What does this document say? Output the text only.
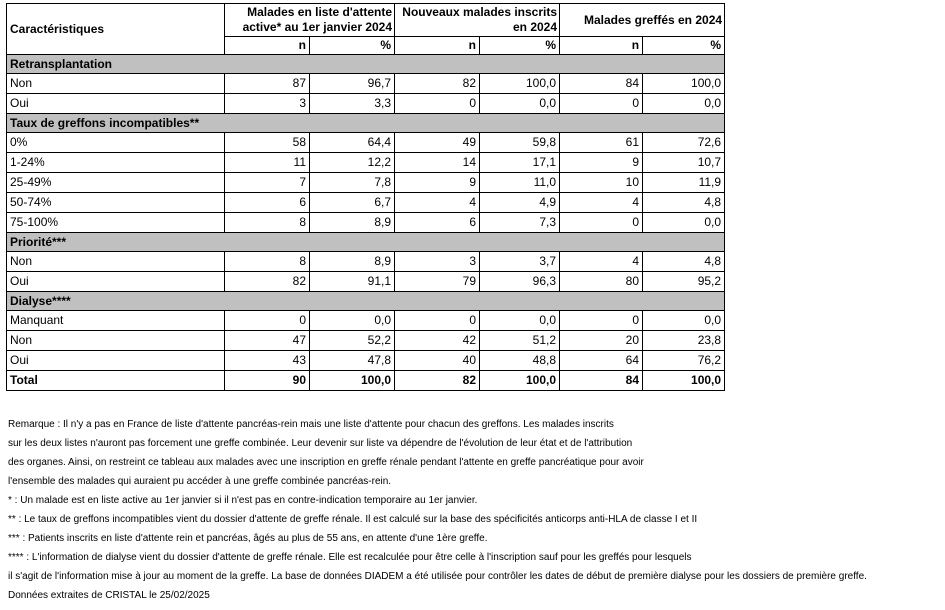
Caractéristiques	Malades en liste d'attente active* au 1er janvier 2024		Nouveaux malades inscrits en 2024		Malades greffés en 2024	
	n	%	n	%	n	%
Retransplantation						
Non	87	96,7	82	100,0	84	100,0
Oui	3	3,3	0	0,0	0	0,0
Taux de greffons incompatibles**						
0%	58	64,4	49	59,8	61	72,6
1-24%	11	12,2	14	17,1	9	10,7
25-49%	7	7,8	9	11,0	10	11,9
50-74%	6	6,7	4	4,9	4	4,8
75-100%	8	8,9	6	7,3	0	0,0
Priorité***						
Non	8	8,9	3	3,7	4	4,8
Oui	82	91,1	79	96,3	80	95,2
Dialyse****						
Manquant	0	0,0	0	0,0	0	0,0
Non	47	52,2	42	51,2	20	23,8
Oui	43	47,8	40	48,8	64	76,2
Total	90	100,0	82	100,0	84	100,0
Remarque : Il n'y a pas en France de liste d'attente pancréas-rein mais une liste d'attente pour chacun des greffons. Les malades inscrits
sur les deux listes n'auront pas forcement une greffe combinée. Leur devenir sur liste va dépendre de l'évolution de leur état et de l'attribution
des organes. Ainsi, on restreint ce tableau aux malades avec une inscription en greffe rénale pendant l'attente en greffe pancréatique pour avoir
l'ensemble des malades qui auraient pu accéder à une greffe combinée pancréas-rein.
* : Un malade est en liste active au 1er janvier si il n'est pas en contre-indication temporaire au 1er janvier.
** : Le taux de greffons incompatibles vient du dossier d'attente de greffe rénale. Il est calculé sur la base des spécificités anticorps anti-HLA de classe I et II
*** : Patients inscrits en liste d'attente rein et pancréas, âgés au plus de 55 ans, en attente d'une 1ère greffe.
**** : L'information de dialyse vient du dossier d'attente de greffe rénale. Elle est recalculée pour être celle à l'inscription sauf pour les greffés pour lesquels
il s'agit de l'information mise à jour au moment de la greffe. La base de données DIADEM a été utilisée pour contrôler les dates de début de première dialyse pour les dossiers de première greffe.
Données extraites de CRISTAL le 25/02/2025
